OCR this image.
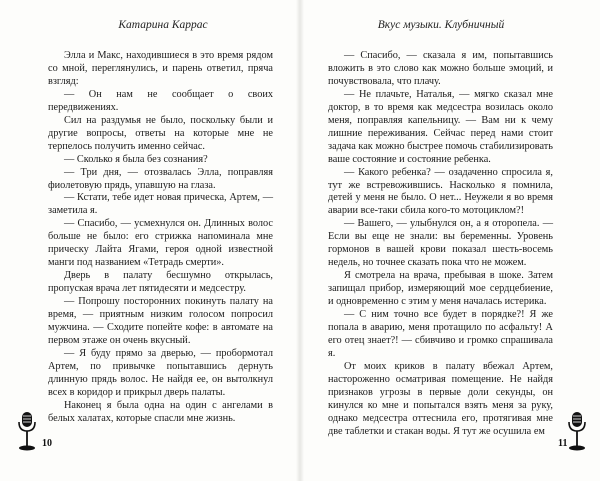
Катарина Каррас

Элла и Макс, находившиеся в это время рядом со мной, переглянулись, и парень ответил, пряча взгляд:

— Он нам не сообщает о своих передвижениях.

Сил на раздумья не было, поскольку были и другие вопросы, ответы на которые мне не терпелось получить именно сейчас.

— Сколько я была без сознания?

— Три дня, — отозвалась Элла, поправляя фиолетовую прядь, упавшую на глаза.

— Кстати, тебе идет новая прическа, Артем, — заметила я.

— Спасибо, — усмехнулся он. Длинных волос больше не было: его стрижка напоминала мне прическу Лайта Ягами, героя одной известной манги под названием «Тетрадь смерти».

Дверь в палату бесшумно открылась, пропуская врача лет пятидесяти и медсестру.

— Попрошу посторонних покинуть палату на время, — приятным низким голосом попросил мужчина. — Сходите попейте кофе: в автомате на первом этаже он очень вкусный.

— Я буду прямо за дверью, — пробормотал Артем, по привычке попытавшись дернуть длинную прядь волос. Не найдя ее, он вытолкнул всех в коридор и прикрыл дверь палаты.

Наконец я была одна на один с ангелами в белых халатах, которые спасли мне жизнь.

10
Вкус музыки. Клубничный

— Спасибо, — сказала я им, попытавшись вложить в это слово как можно больше эмоций, и почувствовала, что плачу.

— Не плачьте, Наталья, — мягко сказал мне доктор, в то время как медсестра возилась около меня, поправляя капельницу. — Вам ни к чему лишние переживания. Сейчас перед нами стоит задача как можно быстрее помочь стабилизировать ваше состояние и состояние ребенка.

— Какого ребенка? — озадаченно спросила я, тут же встревожившись. Насколько я помнила, детей у меня не было. О нет... Неужели я во время аварии все-таки сбила кого-то мотоциклом?!

— Вашего, — улыбнулся он, а я оторопела. — Если вы еще не знали: вы беременны. Уровень гормонов в вашей крови показал шесть-восемь недель, но точнее сказать пока что не можем.

Я смотрела на врача, пребывая в шоке. Затем запищал прибор, измеряющий мое сердцебиение, и одновременно с этим у меня началась истерика.

— С ним точно все будет в порядке?! Я же попала в аварию, меня протащило по асфальту! А его отец знает?! — сбивчиво и громко спрашивала я.

От моих криков в палату вбежал Артем, настороженно осматривая помещение. Не найдя признаков угрозы в первые доли секунды, он кинулся ко мне и попытался взять меня за руку, однако медсестра оттеснила его, протягивая мне две таблетки и стакан воды. Я тут же осушила ем

11
